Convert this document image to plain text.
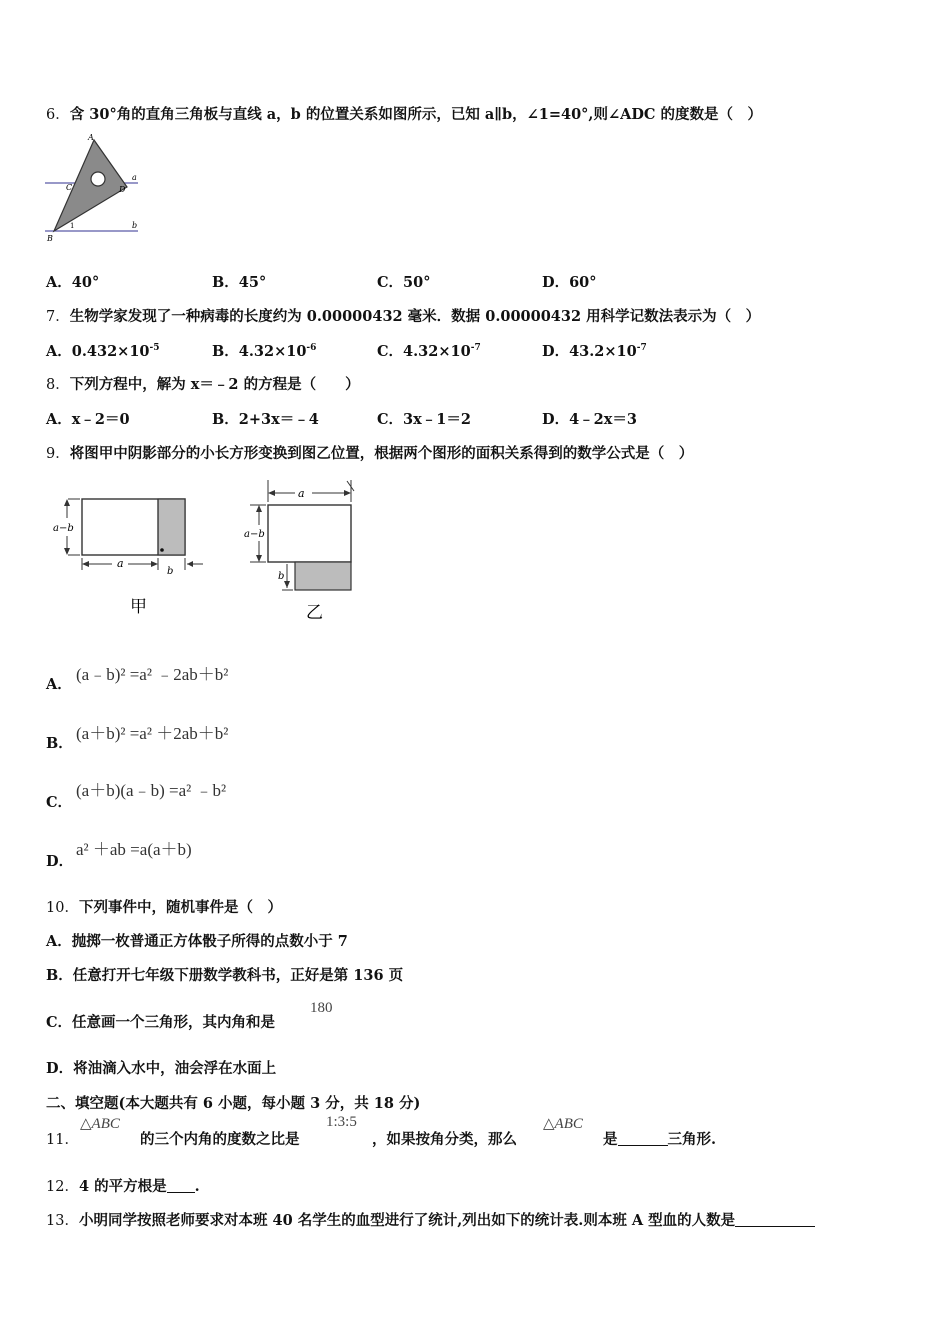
6．含 30°角的直角三角板与直线 a，b 的位置关系如图所示，已知 a∥b，∠1=40°,则∠ADC 的度数是（　）
A
C	D
a
b
B
1
A．40°	B．45°	C．50°	D．60°
7．生物学家发现了一种病毒的长度约为 0.00000432 毫米．数据 0.00000432 用科学记数法表示为（　）
A．$0.432\times 10^{-5}$	B．$4.32\times 10^{-6}$	C．$4.32\times 10^{-7}$	D．$43.2\times 10^{-7}$
8．下列方程中，解为 x＝﹣2 的方程是（　　）
A．x﹣2＝0	B．2+3x＝﹣4	C．3x﹣1＝2	D．4﹣2x＝3
9．将图甲中阴影部分的小长方形变换到图乙位置，根据两个图形的面积关系得到的数学公式是（　）
a−b
a
b
甲
a
a−b
b
乙
A．
(a﹣b)² =a² ﹣2ab＋b²
B．
(a＋b)² =a² ＋2ab＋b²
C．
(a＋b)(a﹣b) =a² ﹣b²
D．
a² ＋ab =a(a＋b)
10．下列事件中，随机事件是（　）
A．抛掷一枚普通正方体骰子所得的点数小于 7
B．任意打开七年级下册数学教科书，正好是第 136 页
C．任意画一个三角形，其内角和是
180
D．将油滴入水中，油会浮在水面上
二、填空题(本大题共有 6 小题，每小题 3 分，共 18 分)
11．
△ABC
的三个内角的度数之比是
1:3:5
，如果按角分类，那么
△ABC
是	三角形.
12．4 的平方根是 .
13．小明同学按照老师要求对本班 40 名学生的血型进行了统计,列出如下的统计表.则本班 A 型血的人数是
